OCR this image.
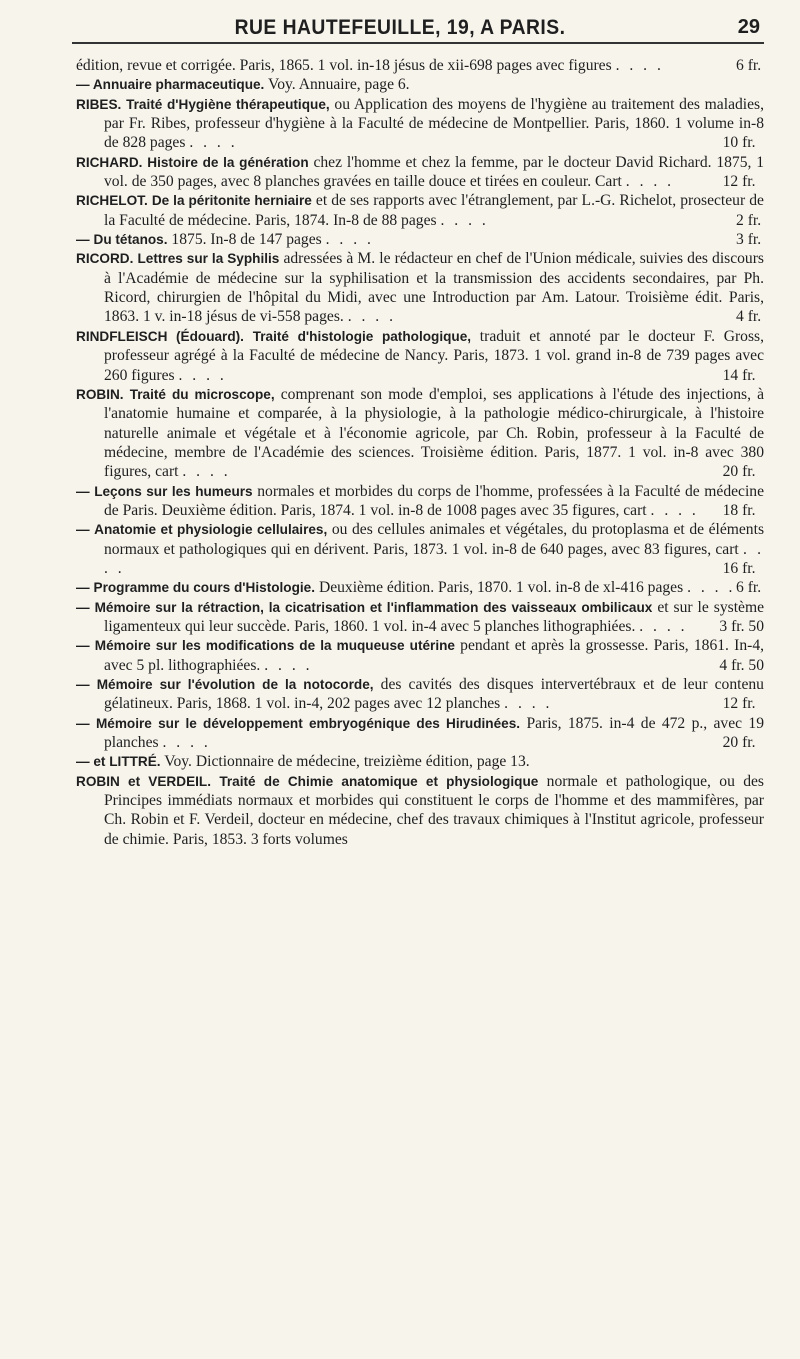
RUE HAUTEFEUILLE, 19, A PARIS.	29

édition, revue et corrigée. Paris, 1865. 1 vol. in-18 jésus de xii-698 pages avec figures . . . .	6 fr.

— Annuaire pharmaceutique. Voy. Annuaire, page 6.

RIBES. Traité d'Hygiène thérapeutique, ou Application des moyens de l'hygiène au traitement des maladies, par Fr. Ribes, professeur d'hygiène à la Faculté de médecine de Montpellier. Paris, 1860. 1 volume in-8 de 828 pages . . . .	10 fr.

RICHARD. Histoire de la génération chez l'homme et chez la femme, par le docteur David Richard. 1875, 1 vol. de 350 pages, avec 8 planches gravées en taille douce et tirées en couleur. Cart . . . .	12 fr.

RICHELOT. De la péritonite herniaire et de ses rapports avec l'étranglement, par L.-G. Richelot, prosecteur de la Faculté de médecine. Paris, 1874. In-8 de 88 pages . . . .	2 fr.

— Du tétanos. 1875. In-8 de 147 pages . . . .	3 fr.

RICORD. Lettres sur la Syphilis adressées à M. le rédacteur en chef de l'Union médicale, suivies des discours à l'Académie de médecine sur la syphilisation et la transmission des accidents secondaires, par Ph. Ricord, chirurgien de l'hôpital du Midi, avec une Introduction par Am. Latour. Troisième édit. Paris, 1863. 1 v. in-18 jésus de vi-558 pages. . . . .	4 fr.

RINDFLEISCH (Édouard). Traité d'histologie pathologique, traduit et annoté par le docteur F. Gross, professeur agrégé à la Faculté de médecine de Nancy. Paris, 1873. 1 vol. grand in-8 de 739 pages avec 260 figures . . . .	14 fr.

ROBIN. Traité du microscope, comprenant son mode d'emploi, ses applications à l'étude des injections, à l'anatomie humaine et comparée, à la physiologie, à la pathologie médico-chirurgicale, à l'histoire naturelle animale et végétale et à l'économie agricole, par Ch. Robin, professeur à la Faculté de médecine, membre de l'Académie des sciences. Troisième édition. Paris, 1877. 1 vol. in-8 avec 380 figures, cart . . . .	20 fr.

— Leçons sur les humeurs normales et morbides du corps de l'homme, professées à la Faculté de médecine de Paris. Deuxième édition. Paris, 1874. 1 vol. in-8 de 1008 pages avec 35 figures, cart . . . . 18 fr.

— Anatomie et physiologie cellulaires, ou des cellules animales et végétales, du protoplasma et de éléments normaux et pathologiques qui en dérivent. Paris, 1873. 1 vol. in-8 de 640 pages, avec 83 figures, cart . . . .	16 fr.

— Programme du cours d'Histologie. Deuxième édition. Paris, 1870. 1 vol. in-8 de xl-416 pages . . . . 6 fr.

— Mémoire sur la rétraction, la cicatrisation et l'inflammation des vaisseaux ombilicaux et sur le système ligamenteux qui leur succède. Paris, 1860. 1 vol. in-4 avec 5 planches lithographiées. . . . . 3 fr. 50

— Mémoire sur les modifications de la muqueuse utérine pendant et après la grossesse. Paris, 1861. In-4, avec 5 pl. lithographiées. . . . .	4 fr. 50

— Mémoire sur l'évolution de la notocorde, des cavités des disques intervertébraux et de leur contenu gélatineux. Paris, 1868. 1 vol. in-4, 202 pages avec 12 planches . . . .	12 fr.

— Mémoire sur le développement embryogénique des Hirudinées. Paris, 1875. in-4 de 472 p., avec 19 planches . . . .	20 fr.

— et LITTRÉ. Voy. Dictionnaire de médecine, treizième édition, page 13.

ROBIN et VERDEIL. Traité de Chimie anatomique et physiologique normale et pathologique, ou des Principes immédiats normaux et morbides qui constituent le corps de l'homme et des mammifères, par Ch. Robin et F. Verdeil, docteur en médecine, chef des travaux chimiques à l'Institut agricole, professeur de chimie. Paris, 1853. 3 forts volumes
